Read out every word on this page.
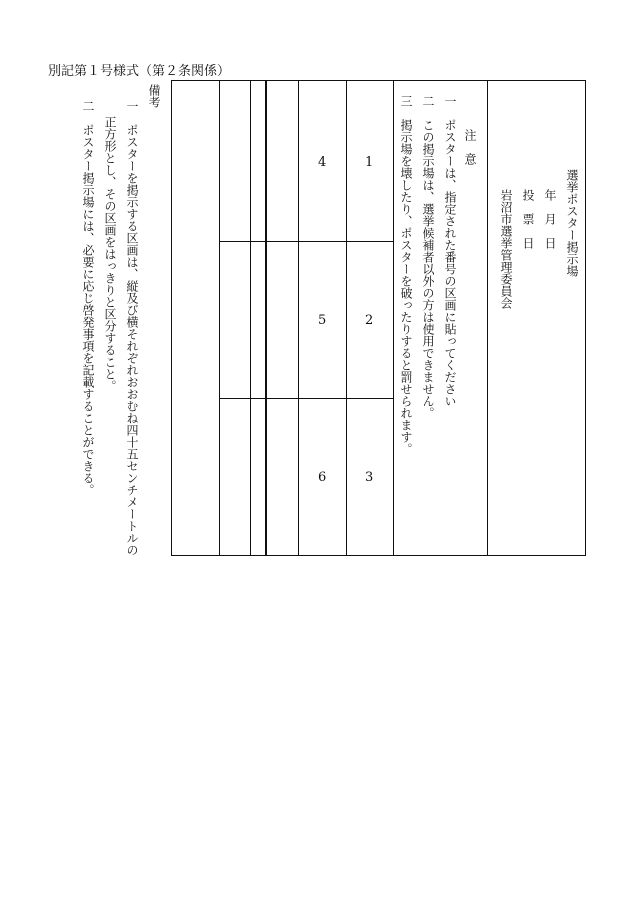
別記第１号様式（第２条関係）
選挙ポスター掲示場
年　月　日
投　票　日
岩沼市選挙管理委員会
注　意
一　ポスターは、指定された番号の区画に貼ってください
二　この掲示場は、選挙候補者以外の方は使用できません。
三　掲示場を壊したり、ポスターを破ったりすると罰せられます。
1
2
3
4
5
6
備考
一　ポスターを掲示する区画は、縦及び横それぞれおおむね四十五センチメートルの
正方形とし、その区画をはっきりと区分すること。
二　ポスター掲示場には、必要に応じ啓発事項を記載することができる。
